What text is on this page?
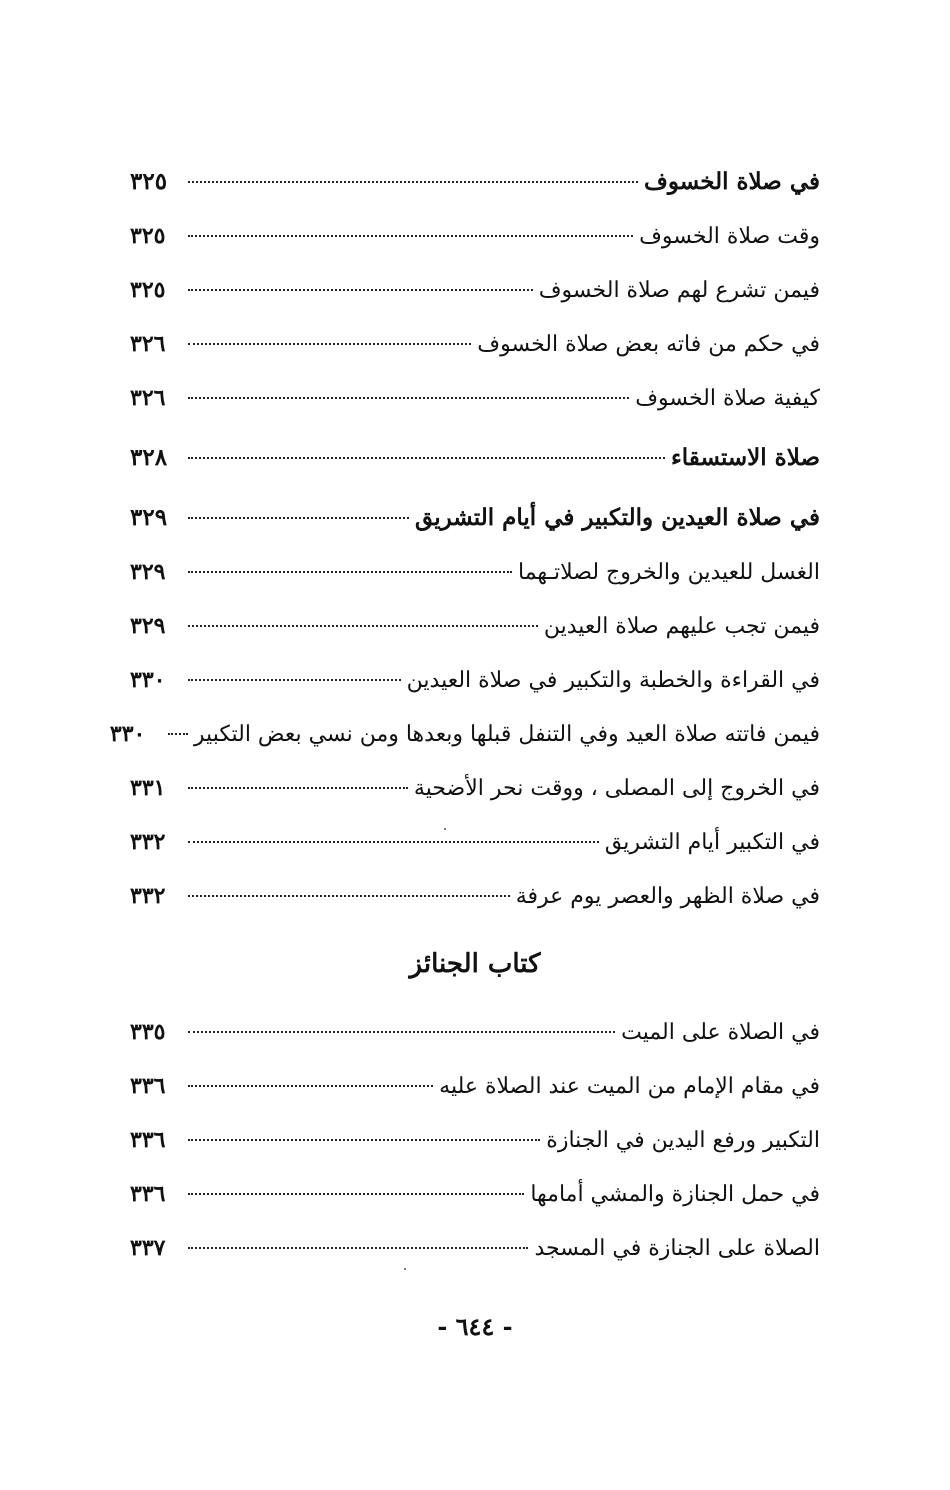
في صلاة الخسوف
٣٢٥
وقت صلاة الخسوف
٣٢٥
فيمن تشرع لهم صلاة الخسوف
٣٢٥
في حكم من فاته بعض صلاة الخسوف
٣٢٦
كيفية صلاة الخسوف
٣٢٦
صلاة الاستسقاء
٣٢٨
في صلاة العيدين والتكبير في أيام التشريق
٣٢٩
الغسل للعيدين والخروج لصلاتـهما
٣٢٩
فيمن تجب عليهم صلاة العيدين
٣٢٩
في القراءة والخطبة والتكبير في صلاة العيدين
٣٣٠
فيمن فاتته صلاة العيد وفي التنفل قبلها وبعدها ومن نسي بعض التكبير
٣٣٠
في الخروج إلى المصلى ، ووقت نحر الأضحية
٣٣١
في التكبير أيام التشريق
٣٣٢
في صلاة الظهر والعصر يوم عرفة
٣٣٢
كتاب الجنائز
في الصلاة على الميت
٣٣٥
في مقام الإمام من الميت عند الصلاة عليه
٣٣٦
التكبير ورفع اليدين في الجنازة
٣٣٦
في حمل الجنازة والمشي أمامها
٣٣٦
الصلاة على الجنازة في المسجد
٣٣٧
- ٦٤٤ -
